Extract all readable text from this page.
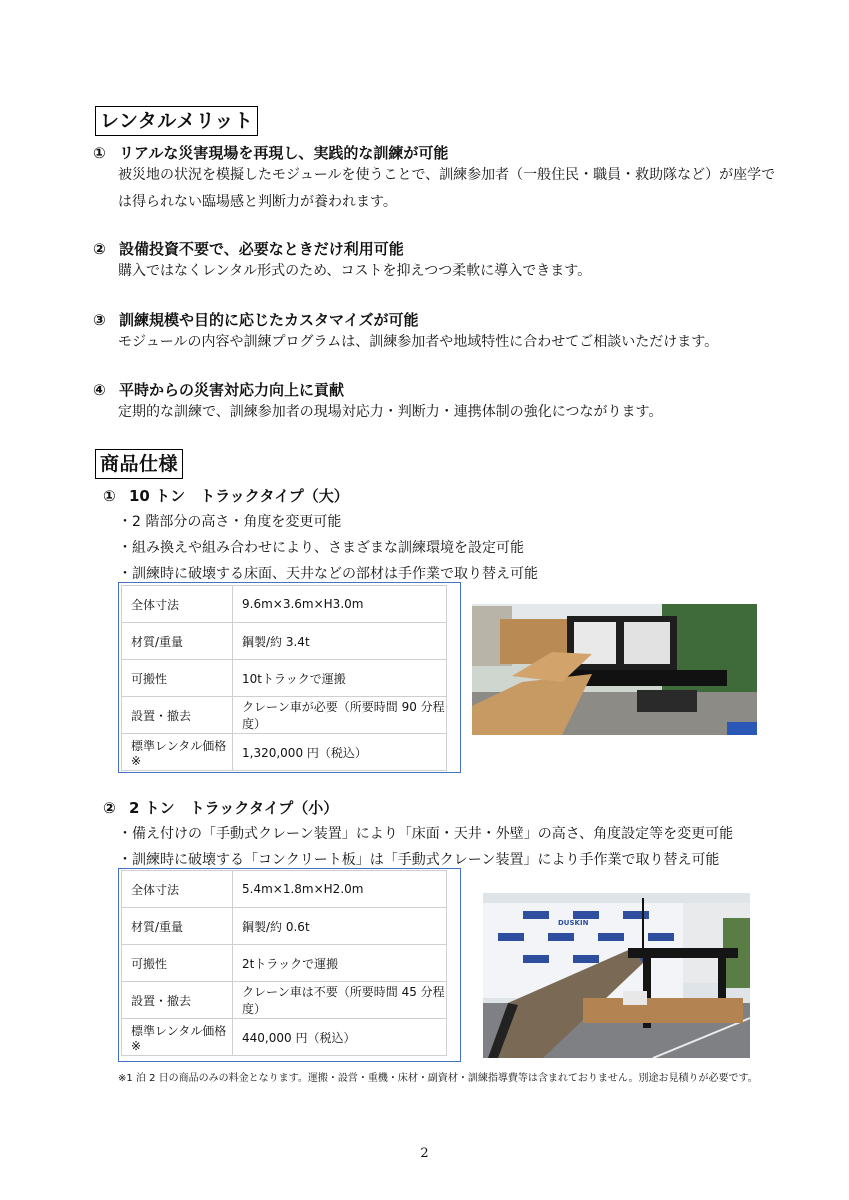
レンタルメリット
① リアルな災害現場を再現し、実践的な訓練が可能
被災地の状況を模擬したモジュールを使うことで、訓練参加者（一般住民・職員・救助隊など）が座学では得られない臨場感と判断力が養われます。
② 設備投資不要で、必要なときだけ利用可能
購入ではなくレンタル形式のため、コストを抑えつつ柔軟に導入できます。
③ 訓練規模や目的に応じたカスタマイズが可能
モジュールの内容や訓練プログラムは、訓練参加者や地域特性に合わせてご相談いただけます。
④ 平時からの災害対応力向上に貢献
定期的な訓練で、訓練参加者の現場対応力・判断力・連携体制の強化につながります。
商品仕様
① 10 トン　トラックタイプ（大）
・2 階部分の高さ・角度を変更可能
・組み換えや組み合わせにより、さまざまな訓練環境を設定可能
・訓練時に破壊する床面、天井などの部材は手作業で取り替え可能
全体寸法	9.6m×3.6m×H3.0m
材質/重量	鋼製/約 3.4t
可搬性	10tトラックで運搬
設置・撤去	クレーン車が必要（所要時間 90 分程度）
標準レンタル価格※	1,320,000 円（税込）
② 2 トン　トラックタイプ（小）
・備え付けの「手動式クレーン装置」により「床面・天井・外壁」の高さ、角度設定等を変更可能
・訓練時に破壊する「コンクリート板」は「手動式クレーン装置」により手作業で取り替え可能
全体寸法	5.4m×1.8m×H2.0m
材質/重量	鋼製/約 0.6t
可搬性	2tトラックで運搬
設置・撤去	クレーン車は不要（所要時間 45 分程度）
標準レンタル価格※	440,000 円（税込）
DUSKIN
※1 泊 2 日の商品のみの料金となります。運搬・設営・重機・床材・副資材・訓練指導費等は含まれておりません。別途お見積りが必要です。
2
